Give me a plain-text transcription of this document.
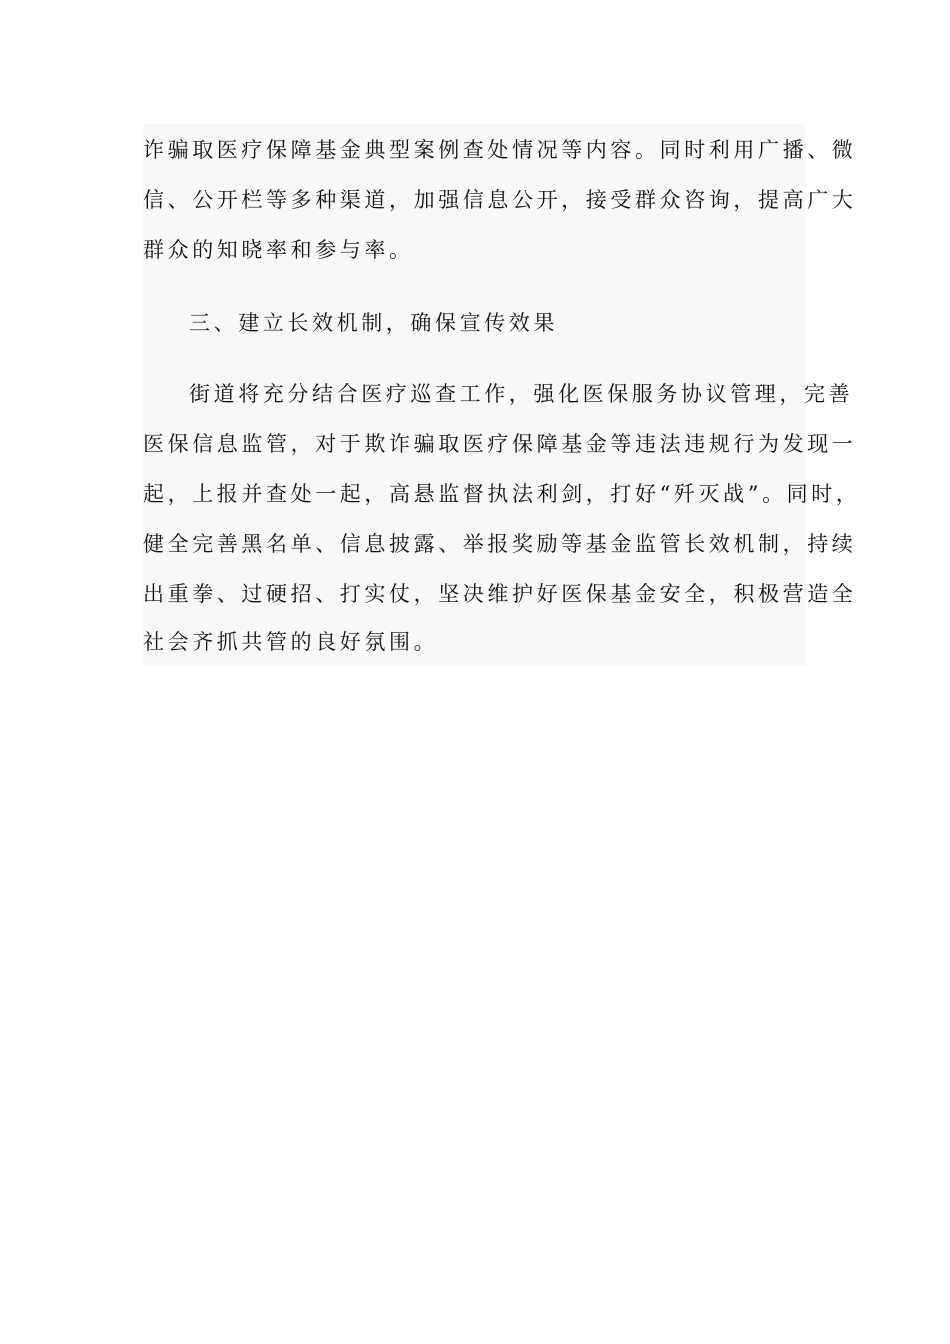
诈骗取医疗保障基金典型案例查处情况等内容。同时利用广播、微

信、公开栏等多种渠道，加强信息公开，接受群众咨询，提高广大

群众的知晓率和参与率。

三、建立长效机制，确保宣传效果

街道将充分结合医疗巡查工作，强化医保服务协议管理，完善

医保信息监管，对于欺诈骗取医疗保障基金等违法违规行为发现一

起，上报并查处一起，高悬监督执法利剑，打好“歼灭战”。同时，

健全完善黑名单、信息披露、举报奖励等基金监管长效机制，持续

出重拳、过硬招、打实仗，坚决维护好医保基金安全，积极营造全

社会齐抓共管的良好氛围。
